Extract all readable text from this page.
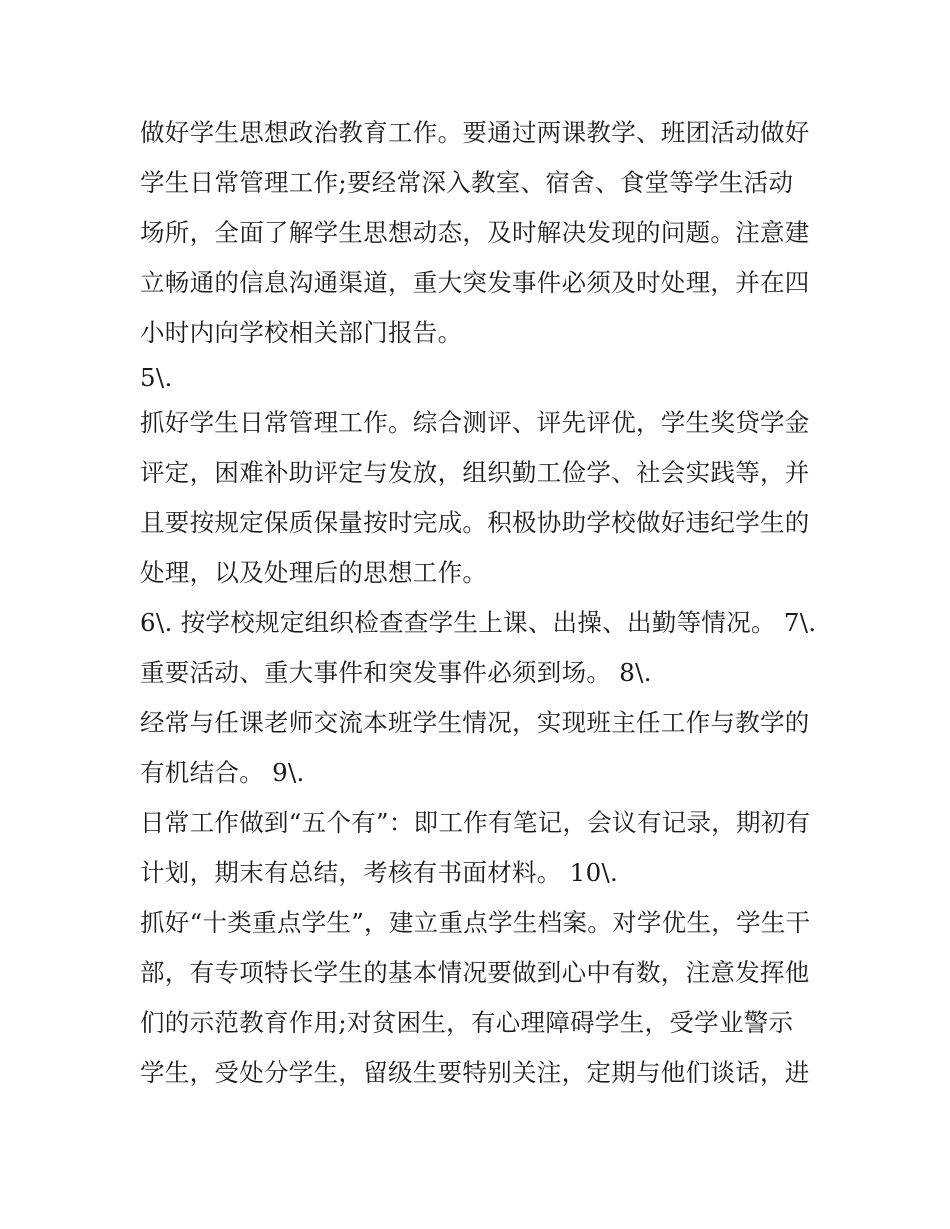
做好学生思想政治教育工作。要通过两课教学、班团活动做好
学生日常管理工作;要经常深入教室、宿舍、食堂等学生活动
场所，全面了解学生思想动态，及时解决发现的问题。注意建
立畅通的信息沟通渠道，重大突发事件必须及时处理，并在四
小时内向学校相关部门报告。
5\.
抓好学生日常管理工作。综合测评、评先评优，学生奖贷学金
评定，困难补助评定与发放，组织勤工俭学、社会实践等，并
且要按规定保质保量按时完成。积极协助学校做好违纪学生的
处理，以及处理后的思想工作。
6\. 按学校规定组织检查查学生上课、出操、出勤等情况。 7\.
重要活动、重大事件和突发事件必须到场。 8\.
经常与任课老师交流本班学生情况，实现班主任工作与教学的
有机结合。 9\.
日常工作做到“五个有”：即工作有笔记，会议有记录，期初有
计划，期末有总结，考核有书面材料。 10\.
抓好“十类重点学生”，建立重点学生档案。对学优生，学生干
部，有专项特长学生的基本情况要做到心中有数，注意发挥他
们的示范教育作用;对贫困生，有心理障碍学生，受学业警示
学生，受处分学生，留级生要特别关注，定期与他们谈话，进
